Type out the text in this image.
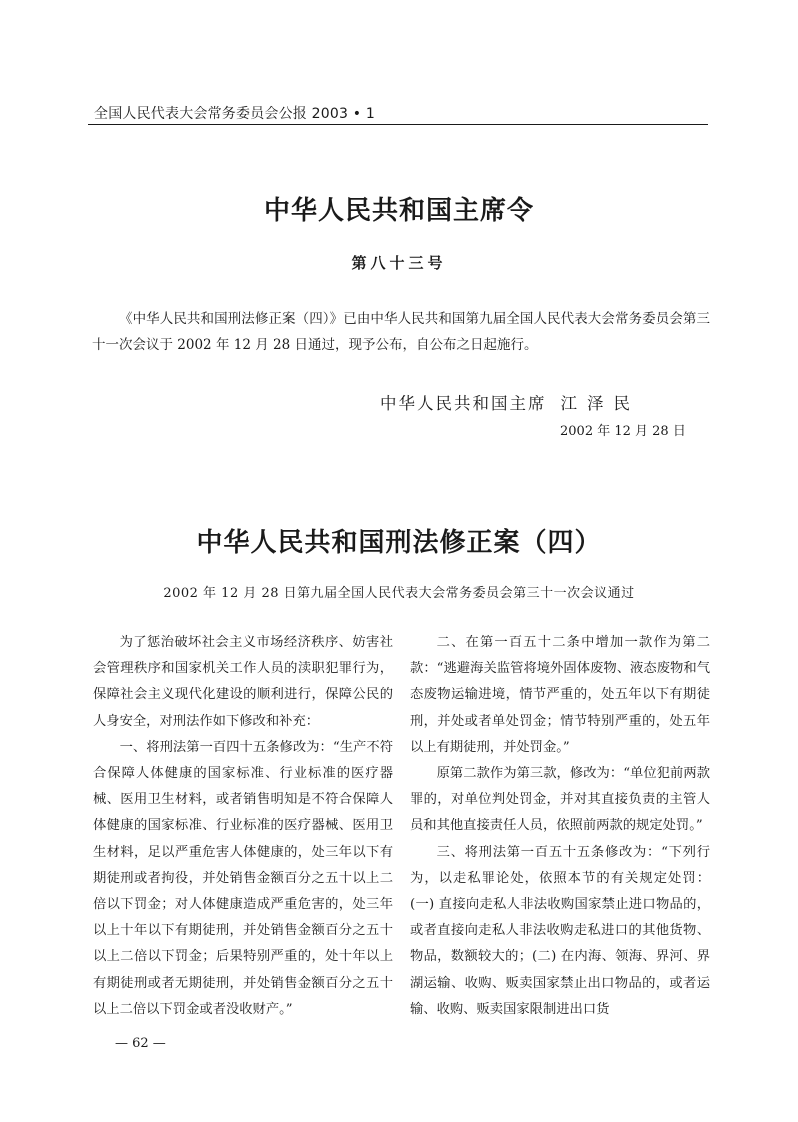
全国人民代表大会常务委员会公报 2003 • 1
中华人民共和国主席令
第八十三号
《中华人民共和国刑法修正案（四）》已由中华人民共和国第九届全国人民代表大会常务委员会第三十一次会议于 2002 年 12 月 28 日通过，现予公布，自公布之日起施行。
中华人民共和国主席 江泽民
2002 年 12 月 28 日
中华人民共和国刑法修正案（四）
2002 年 12 月 28 日第九届全国人民代表大会常务委员会第三十一次会议通过

为了惩治破坏社会主义市场经济秩序、妨害社会管理秩序和国家机关工作人员的渎职犯罪行为，保障社会主义现代化建设的顺利进行，保障公民的人身安全，对刑法作如下修改和补充：

一、将刑法第一百四十五条修改为：“生产不符合保障人体健康的国家标准、行业标准的医疗器械、医用卫生材料，或者销售明知是不符合保障人体健康的国家标准、行业标准的医疗器械、医用卫生材料，足以严重危害人体健康的，处三年以下有期徒刑或者拘役，并处销售金额百分之五十以上二倍以下罚金；对人体健康造成严重危害的，处三年以上十年以下有期徒刑，并处销售金额百分之五十以上二倍以下罚金；后果特别严重的，处十年以上有期徒刑或者无期徒刑，并处销售金额百分之五十以上二倍以下罚金或者没收财产。”

二、在第一百五十二条中增加一款作为第二款：“逃避海关监管将境外固体废物、液态废物和气态废物运输进境，情节严重的，处五年以下有期徒刑，并处或者单处罚金；情节特别严重的，处五年以上有期徒刑，并处罚金。”

原第二款作为第三款，修改为：“单位犯前两款罪的，对单位判处罚金，并对其直接负责的主管人员和其他直接责任人员，依照前两款的规定处罚。”

三、将刑法第一百五十五条修改为：“下列行为，以走私罪论处，依照本节的有关规定处罚：(一) 直接向走私人非法收购国家禁止进口物品的，或者直接向走私人非法收购走私进口的其他货物、物品，数额较大的；(二) 在内海、领海、界河、界湖运输、收购、贩卖国家禁止出口物品的，或者运输、收购、贩卖国家限制进出口货

— 62 —
